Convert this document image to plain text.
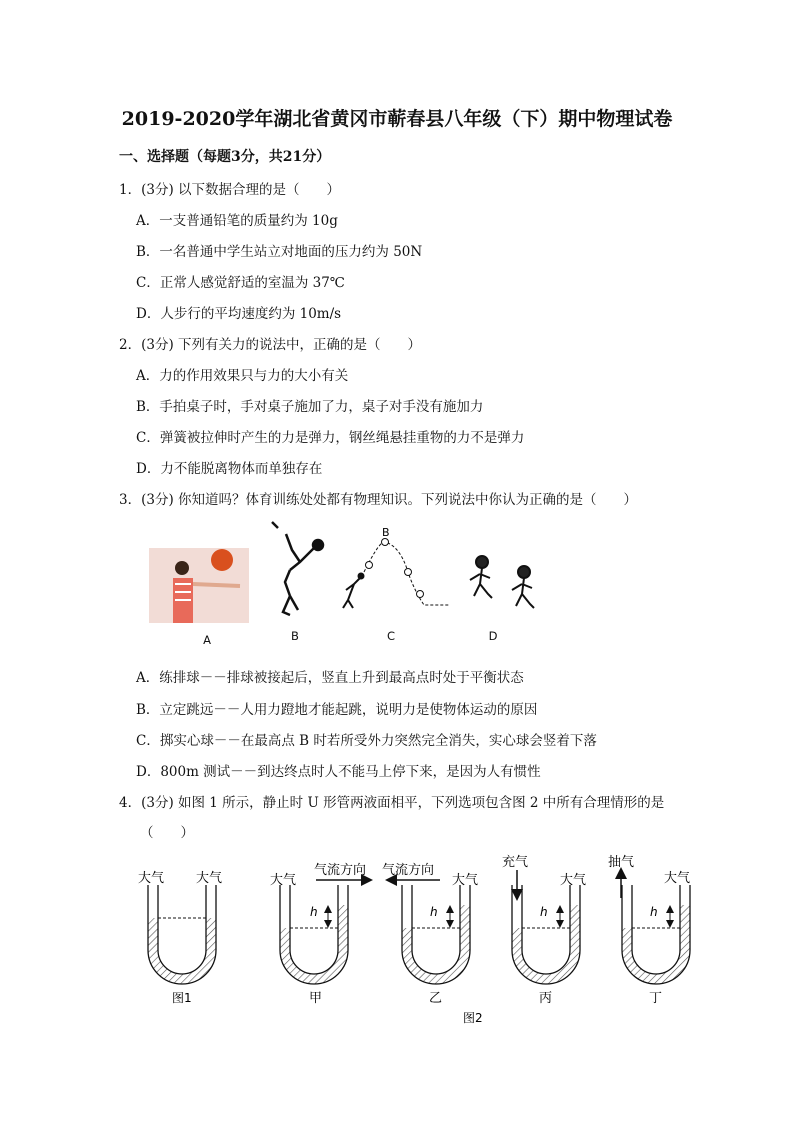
2019-2020学年湖北省黄冈市蕲春县八年级（下）期中物理试卷
一、选择题（每题3分，共21分）
1．(3分) 以下数据合理的是（　　）
A．一支普通铅笔的质量约为 10g
B．一名普通中学生站立对地面的压力约为 50N
C．正常人感觉舒适的室温为 37℃
D．人步行的平均速度约为 10m/s
2．(3分) 下列有关力的说法中，正确的是（　　）
A．力的作用效果只与力的大小有关
B．手拍桌子时，手对桌子施加了力，桌子对手没有施加力
C．弹簧被拉伸时产生的力是弹力，钢丝绳悬挂重物的力不是弹力
D．力不能脱离物体而单独存在
3．(3分) 你知道吗？体育训练处处都有物理知识。下列说法中你认为正确的是（　　）
B
A	B	C	D
A．练排球－－排球被接起后，竖直上升到最高点时处于平衡状态
B．立定跳远－－人用力蹬地才能起跳，说明力是使物体运动的原因
C．掷实心球－－在最高点 B 时若所受外力突然完全消失，实心球会竖着下落
D．800m 测试－－到达终点时人不能马上停下来，是因为人有惯性
4．(3分) 如图 1 所示，静止时 U 形管两液面相平，下列选项包含图 2 中所有合理情形的是
（　　）
大气 大气
图1
h
大气
气流方向
甲
h
气流方向
大气
乙
h
充气
大气
丙
h
抽气
大气
丁
图2
